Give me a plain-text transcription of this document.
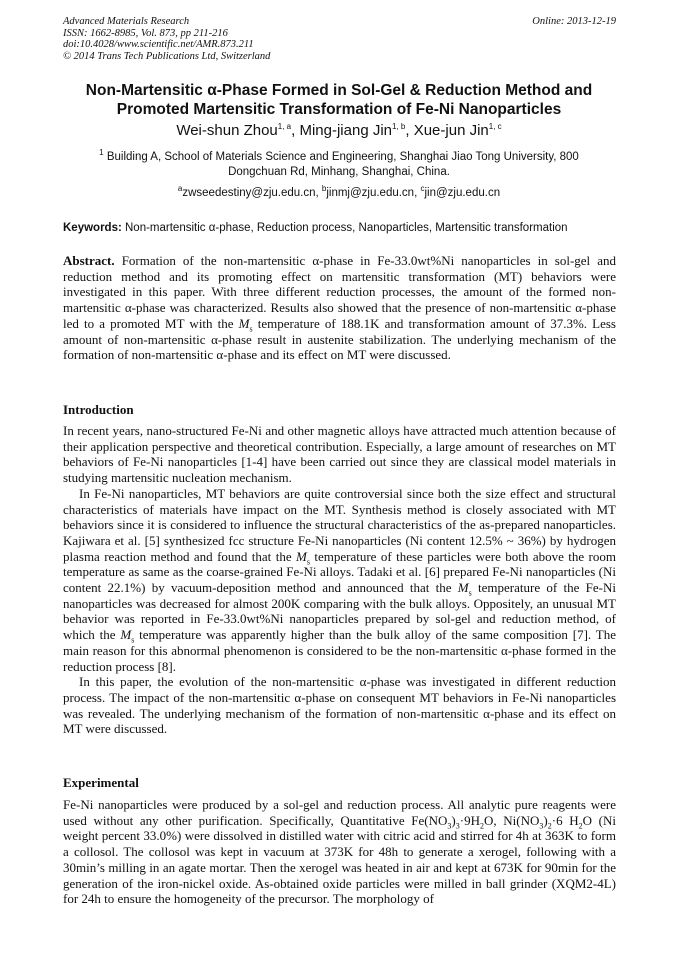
Advanced Materials Research
ISSN: 1662-8985, Vol. 873, pp 211-216
doi:10.4028/www.scientific.net/AMR.873.211
© 2014 Trans Tech Publications Ltd, Switzerland
Online: 2013-12-19
Non-Martensitic α-Phase Formed in Sol-Gel & Reduction Method and
Promoted Martensitic Transformation of Fe-Ni Nanoparticles
Wei-shun Zhou$^{1, a}$, Ming-jiang Jin$^{1, b}$, Xue-jun Jin$^{1, c}$
$^1$ Building A, School of Materials Science and Engineering, Shanghai Jiao Tong University, 800
Dongchuan Rd, Minhang, Shanghai, China.
$^a$zwseedestiny@zju.edu.cn, $^b$jinmj@zju.edu.cn, $^c$jin@zju.edu.cn
Keywords: Non-martensitic α-phase, Reduction process, Nanoparticles, Martensitic transformation
Abstract. Formation of the non-martensitic α-phase in Fe-33.0wt%Ni nanoparticles in sol-gel and reduction method and its promoting effect on martensitic transformation (MT) behaviors were investigated in this paper. With three different reduction processes, the amount of the formed non-martensitic α-phase was characterized. Results also showed that the presence of non-martensitic α-phase led to a promoted MT with the $M_s$ temperature of 188.1K and transformation amount of 37.3%. Less amount of non-martensitic α-phase result in austenite stabilization. The underlying mechanism of the formation of non-martensitic α-phase and its effect on MT were discussed.
Introduction

In recent years, nano-structured Fe-Ni and other magnetic alloys have attracted much attention because of their application perspective and theoretical contribution. Especially, a large amount of researches on MT behaviors of Fe-Ni nanoparticles [1-4] have been carried out since they are classical model materials in studying martensitic nucleation mechanism.

In Fe-Ni nanoparticles, MT behaviors are quite controversial since both the size effect and structural characteristics of materials have impact on the MT. Synthesis method is closely associated with MT behaviors since it is considered to influence the structural characteristics of the as-prepared nanoparticles. Kajiwara et al. [5] synthesized fcc structure Fe-Ni nanoparticles (Ni content 12.5% ~ 36%) by hydrogen plasma reaction method and found that the $M_s$ temperature of these particles were both above the room temperature as same as the coarse-grained Fe-Ni alloys. Tadaki et al. [6] prepared Fe-Ni nanoparticles (Ni content 22.1%) by vacuum-deposition method and announced that the $M_s$ temperature of the Fe-Ni nanoparticles was decreased for almost 200K comparing with the bulk alloys. Oppositely, an unusual MT behavior was reported in Fe-33.0wt%Ni nanoparticles prepared by sol-gel and reduction method, of which the $M_s$ temperature was apparently higher than the bulk alloy of the same composition [7]. The main reason for this abnormal phenomenon is considered to be the non-martensitic α-phase formed in the reduction process [8].

In this paper, the evolution of the non-martensitic α-phase was investigated in different reduction process. The impact of the non-martensitic α-phase on consequent MT behaviors in Fe-Ni nanoparticles was revealed. The underlying mechanism of the formation of non-martensitic α-phase and its effect on MT were discussed.

Experimental

Fe-Ni nanoparticles were produced by a sol-gel and reduction process. All analytic pure reagents were used without any other purification. Specifically, Quantitative $Fe(NO_3)_3\cdot 9H_2O$, $Ni(NO_3)_2\cdot 6$ $H_2O$ (Ni weight percent 33.0%) were dissolved in distilled water with citric acid and stirred for 4h at 363K to form a collosol. The collosol was kept in vacuum at 373K for 48h to generate a xerogel, following with a 30min’s milling in an agate mortar. Then the xerogel was heated in air and kept at 673K for 90min for the generation of the iron-nickel oxide. As-obtained oxide particles were milled in ball grinder (XQM2-4L) for 24h to ensure the homogeneity of the precursor. The morphology of
